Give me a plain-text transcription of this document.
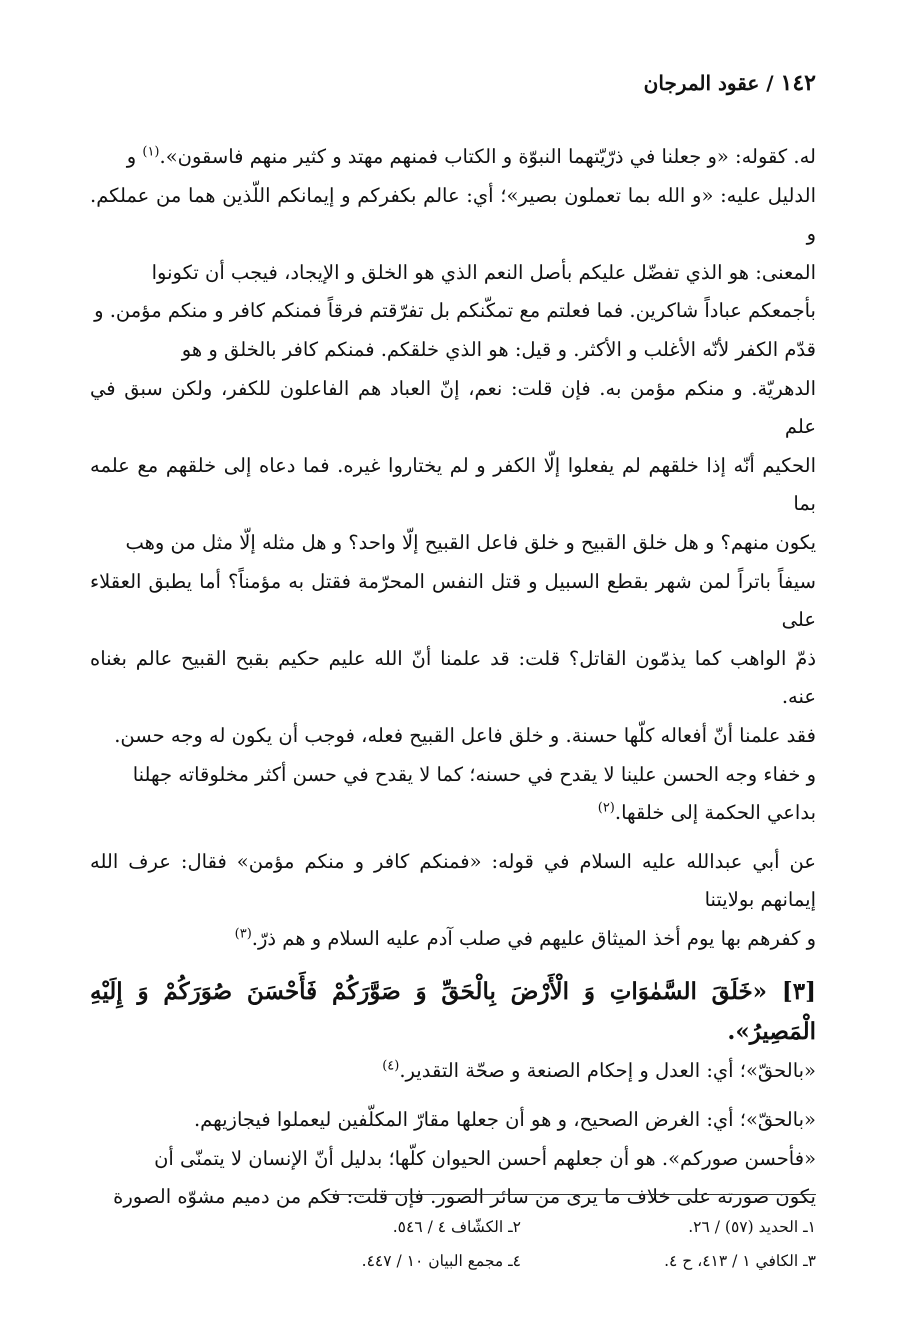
١٤٢ / عقود المرجان

له. كقوله: «و جعلنا في ذرّيّتهما النبوّة و الكتاب فمنهم مهتد و كثير منهم فاسقون».$^{(١)}$ و

الدليل عليه: «و الله بما تعملون بصير»؛ أي: عالم بكفركم و إيمانكم اللّذين هما من عملكم. و

المعنى: هو الذي تفضّل عليكم بأصل النعم الذي هو الخلق و الإيجاد، فيجب أن تكونوا

بأجمعكم عباداً شاكرين. فما فعلتم مع تمكّنكم بل تفرّقتم فرقاً فمنكم كافر و منكم مؤمن. و

قدّم الكفر لأنّه الأغلب و الأكثر. و قيل: هو الذي خلقكم. فمنكم كافر بالخلق و هو

الدهريّة. و منكم مؤمن به. فإن قلت: نعم، إنّ العباد هم الفاعلون للكفر، ولكن سبق في علم

الحكيم أنّه إذا خلقهم لم يفعلوا إلّا الكفر و لم يختاروا غيره. فما دعاه إلى خلقهم مع علمه بما

يكون منهم؟ و هل خلق القبيح و خلق فاعل القبيح إلّا واحد؟ و هل مثله إلّا مثل من وهب

سيفاً باتراً لمن شهر بقطع السبيل و قتل النفس المحرّمة فقتل به مؤمناً؟ أما يطبق العقلاء على

ذمّ الواهب كما يذمّون القاتل؟ قلت: قد علمنا أنّ الله عليم حكيم بقبح القبيح عالم بغناه عنه.

فقد علمنا أنّ أفعاله كلّها حسنة. و خلق فاعل القبيح فعله، فوجب أن يكون له وجه حسن.

و خفاء وجه الحسن علينا لا يقدح في حسنه؛ كما لا يقدح في حسن أكثر مخلوقاته جهلنا

بداعي الحكمة إلى خلقها.$^{(٢)}$

عن أبي عبدالله عليه السلام في قوله: «فمنكم كافر و منكم مؤمن» فقال: عرف الله إيمانهم بولايتنا

و كفرهم بها يوم أخذ الميثاق عليهم في صلب آدم عليه السلام و هم ذرّ.$^{(٣)}$

[٣] «خَلَقَ السَّمٰوَاتِ وَ الْأَرْضَ بِالْحَقِّ وَ صَوَّرَكُمْ فَأَحْسَنَ صُوَرَكُمْ وَ إِلَيْهِ الْمَصِيرُ».

«بالحقّ»؛ أي: العدل و إحكام الصنعة و صحّة التقدير.$^{(٤)}$

«بالحقّ»؛ أي: الغرض الصحيح، و هو أن جعلها مقارّ المكلّفين ليعملوا فيجازيهم.

«فأحسن صوركم». هو أن جعلهم أحسن الحيوان كلّها؛ بدليل أنّ الإنسان لا يتمنّى أن

يكون صورته على خلاف ما يرى من سائر الصور. فإن قلت: فكم من دميم مشوّه الصورة

١ـ الحديد (٥٧) / ٢٦.
٢ـ الكشّاف ٤ / ٥٤٦.
٣ـ الكافي ١ / ٤١٣، ح ٤.
٤ـ مجمع البيان ١٠ / ٤٤٧.
